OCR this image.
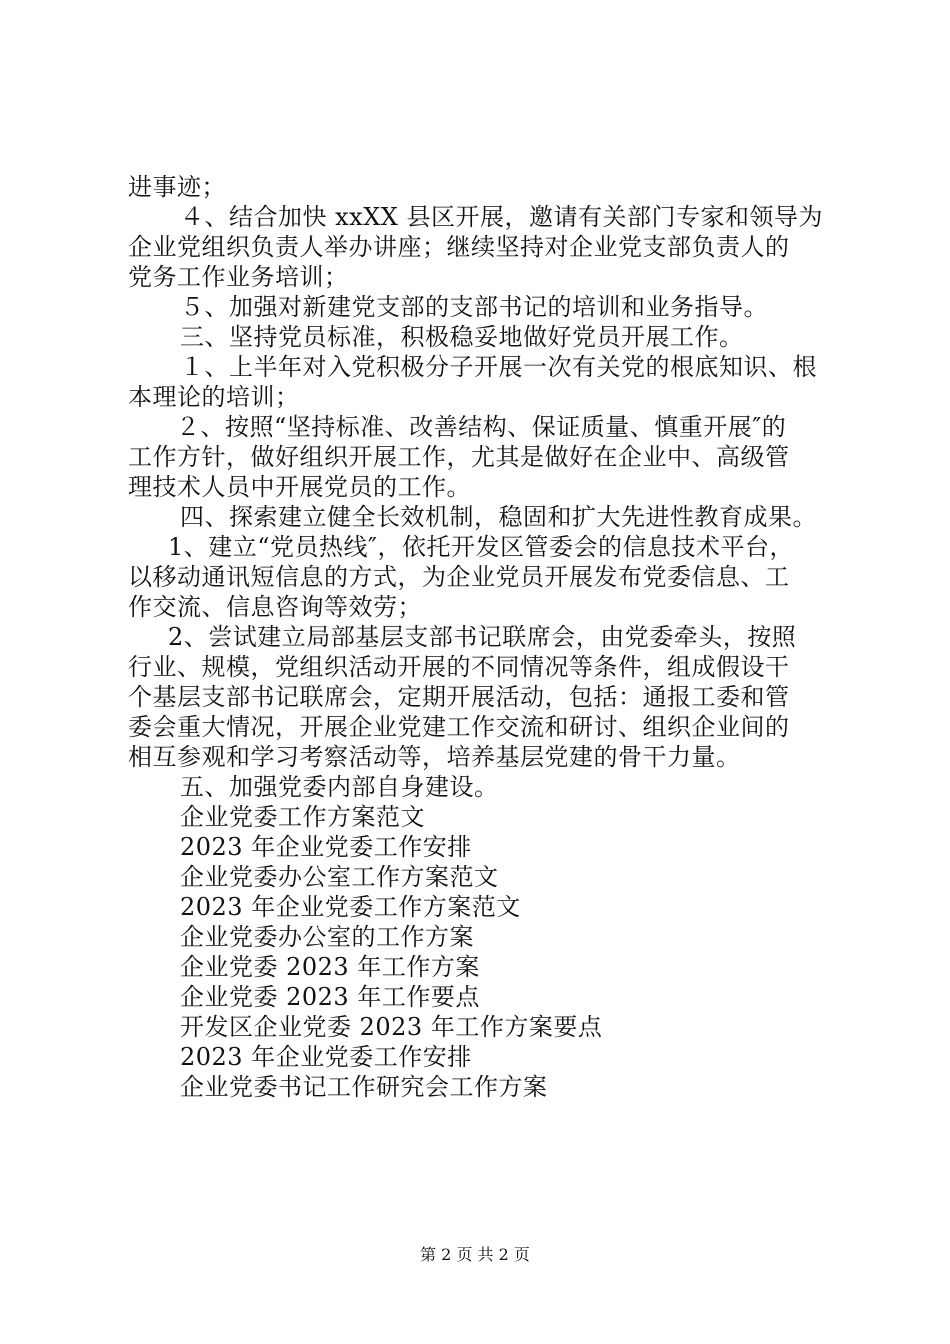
进事迹；
４、结合加快 xxXX 县区开展，邀请有关部门专家和领导为
企业党组织负责人举办讲座；继续坚持对企业党支部负责人的
党务工作业务培训；
５、加强对新建党支部的支部书记的培训和业务指导。
三、坚持党员标准，积极稳妥地做好党员开展工作。
１、上半年对入党积极分子开展一次有关党的根底知识、根
本理论的培训；
２、按照“坚持标准、改善结构、保证质量、慎重开展″的
工作方针，做好组织开展工作，尤其是做好在企业中、高级管
理技术人员中开展党员的工作。
四、探索建立健全长效机制，稳固和扩大先进性教育成果。
1、建立“党员热线″，依托开发区管委会的信息技术平台，
以移动通讯短信息的方式，为企业党员开展发布党委信息、工
作交流、信息咨询等效劳；
2、尝试建立局部基层支部书记联席会，由党委牵头，按照
行业、规模，党组织活动开展的不同情况等条件，组成假设干
个基层支部书记联席会，定期开展活动，包括：通报工委和管
委会重大情况，开展企业党建工作交流和研讨、组织企业间的
相互参观和学习考察活动等，培养基层党建的骨干力量。
五、加强党委内部自身建设。
企业党委工作方案范文
2023 年企业党委工作安排
企业党委办公室工作方案范文
2023 年企业党委工作方案范文
企业党委办公室的工作方案
企业党委 2023 年工作方案
企业党委 2023 年工作要点
开发区企业党委 2023 年工作方案要点
2023 年企业党委工作安排
企业党委书记工作研究会工作方案
第 2 页 共 2 页
